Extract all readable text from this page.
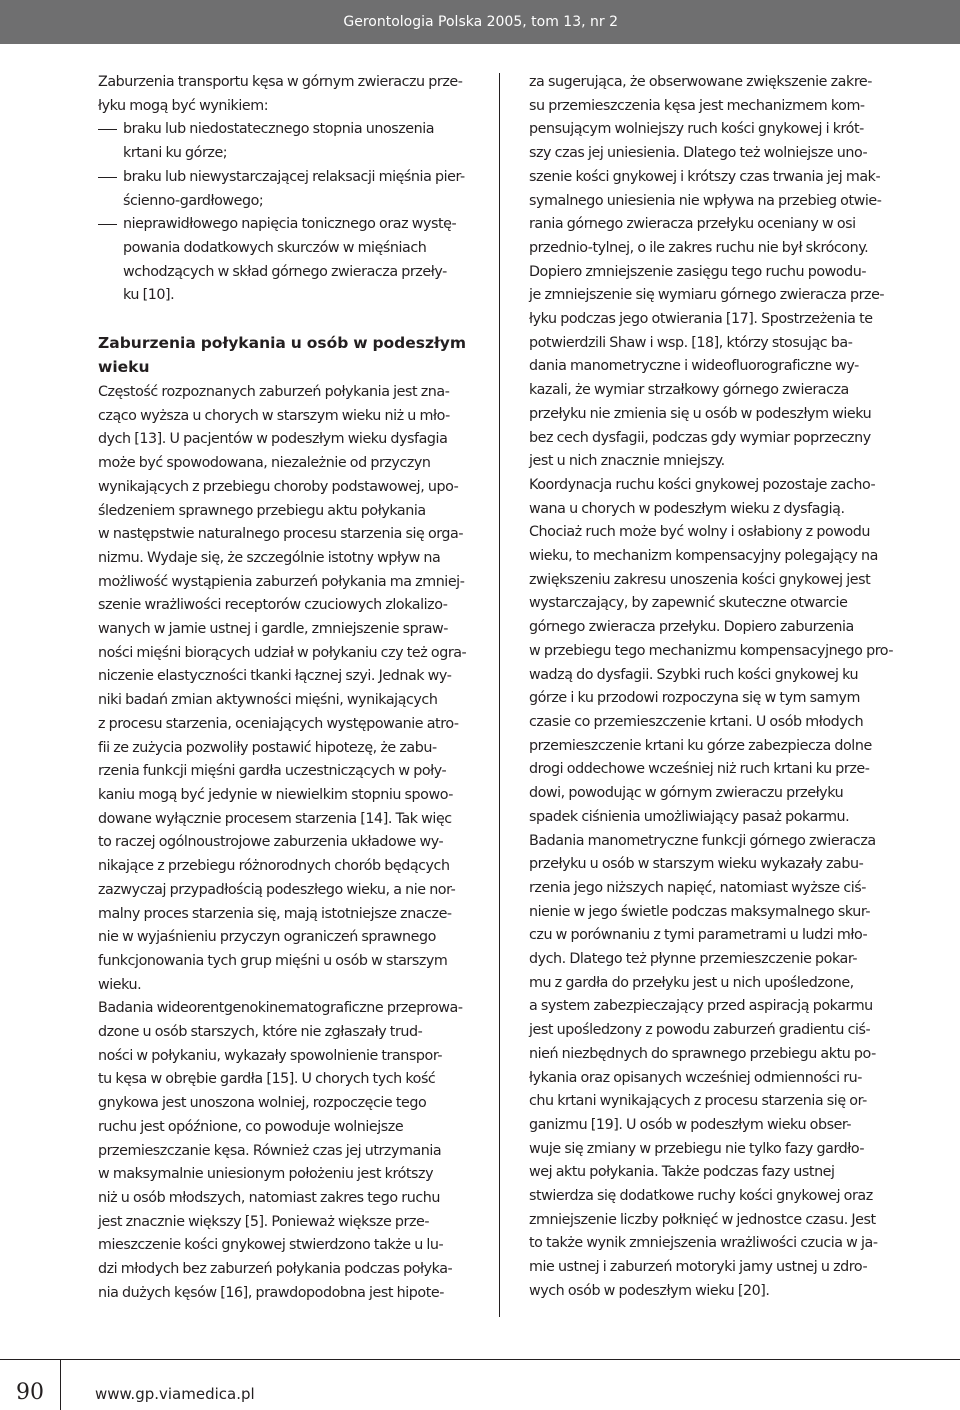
Gerontologia Polska 2005, tom 13, nr 2

Zaburzenia transportu kęsa w górnym zwieraczu prze-
łyku mogą być wynikiem:

braku lub niedostatecznego stopnia unoszenia
krtani ku górze;
braku lub niewystarczającej relaksacji mięśnia pier-
ścienno-gardłowego;
nieprawidłowego napięcia tonicznego oraz wystę-
powania dodatkowych skurczów w mięśniach
wchodzących w skład górnego zwieracza przeły-
ku [10].
Zaburzenia połykania u osób w podeszłym
wieku

Częstość rozpoznanych zaburzeń połykania jest zna-
cząco wyższa u chorych w starszym wieku niż u mło-
dych [13]. U pacjentów w podeszłym wieku dysfagia
może być spowodowana, niezależnie od przyczyn
wynikających z przebiegu choroby podstawowej, upo-
śledzeniem sprawnego przebiegu aktu połykania
w następstwie naturalnego procesu starzenia się orga-
nizmu. Wydaje się, że szczególnie istotny wpływ na
możliwość wystąpienia zaburzeń połykania ma zmniej-
szenie wrażliwości receptorów czuciowych zlokalizo-
wanych w jamie ustnej i gardle, zmniejszenie spraw-
ności mięśni biorących udział w połykaniu czy też ogra-
niczenie elastyczności tkanki łącznej szyi. Jednak wy-
niki badań zmian aktywności mięśni, wynikających
z procesu starzenia, oceniających występowanie atro-
fii ze zużycia pozwoliły postawić hipotezę, że zabu-
rzenia funkcji mięśni gardła uczestniczących w poły-
kaniu mogą być jedynie w niewielkim stopniu spowo-
dowane wyłącznie procesem starzenia [14]. Tak więc
to raczej ogólnoustrojowe zaburzenia układowe wy-
nikające z przebiegu różnorodnych chorób będących
zazwyczaj przypadłością podeszłego wieku, a nie nor-
malny proces starzenia się, mają istotniejsze znacze-
nie w wyjaśnieniu przyczyn ograniczeń sprawnego
funkcjonowania tych grup mięśni u osób w starszym
wieku.

Badania wideorentgenokinematograficzne przeprowa-
dzone u osób starszych, które nie zgłaszały trud-
ności w połykaniu, wykazały spowolnienie transpor-
tu kęsa w obrębie gardła [15]. U chorych tych kość
gnykowa jest unoszona wolniej, rozpoczęcie tego
ruchu jest opóźnione, co powoduje wolniejsze
przemieszczanie kęsa. Również czas jej utrzymania
w maksymalnie uniesionym położeniu jest krótszy
niż u osób młodszych, natomiast zakres tego ruchu
jest znacznie większy [5]. Ponieważ większe prze-
mieszczenie kości gnykowej stwierdzono także u lu-
dzi młodych bez zaburzeń połykania podczas połyka-
nia dużych kęsów [16], prawdopodobna jest hipote-

za sugerująca, że obserwowane zwiększenie zakre-
su przemieszczenia kęsa jest mechanizmem kom-
pensującym wolniejszy ruch kości gnykowej i krót-
szy czas jej uniesienia. Dlatego też wolniejsze uno-
szenie kości gnykowej i krótszy czas trwania jej mak-
symalnego uniesienia nie wpływa na przebieg otwie-
rania górnego zwieracza przełyku oceniany w osi
przednio-tylnej, o ile zakres ruchu nie był skrócony.
Dopiero zmniejszenie zasięgu tego ruchu powodu-
je zmniejszenie się wymiaru górnego zwieracza prze-
łyku podczas jego otwierania [17]. Spostrzeżenia te
potwierdzili Shaw i wsp. [18], którzy stosując ba-
dania manometryczne i wideofluorograficzne wy-
kazali, że wymiar strzałkowy górnego zwieracza
przełyku nie zmienia się u osób w podeszłym wieku
bez cech dysfagii, podczas gdy wymiar poprzeczny
jest u nich znacznie mniejszy.

Koordynacja ruchu kości gnykowej pozostaje zacho-
wana u chorych w podeszłym wieku z dysfagią.
Chociaż ruch może być wolny i osłabiony z powodu
wieku, to mechanizm kompensacyjny polegający na
zwiększeniu zakresu unoszenia kości gnykowej jest
wystarczający, by zapewnić skuteczne otwarcie
górnego zwieracza przełyku. Dopiero zaburzenia
w przebiegu tego mechanizmu kompensacyjnego pro-
wadzą do dysfagii. Szybki ruch kości gnykowej ku
górze i ku przodowi rozpoczyna się w tym samym
czasie co przemieszczenie krtani. U osób młodych
przemieszczenie krtani ku górze zabezpiecza dolne
drogi oddechowe wcześniej niż ruch krtani ku prze-
dowi, powodując w górnym zwieraczu przełyku
spadek ciśnienia umożliwiający pasaż pokarmu.
Badania manometryczne funkcji górnego zwieracza
przełyku u osób w starszym wieku wykazały zabu-
rzenia jego niższych napięć, natomiast wyższe ciś-
nienie w jego świetle podczas maksymalnego skur-
czu w porównaniu z tymi parametrami u ludzi mło-
dych. Dlatego też płynne przemieszczenie pokar-
mu z gardła do przełyku jest u nich upośledzone,
a system zabezpieczający przed aspiracją pokarmu
jest upośledzony z powodu zaburzeń gradientu ciś-
nień niezbędnych do sprawnego przebiegu aktu po-
łykania oraz opisanych wcześniej odmienności ru-
chu krtani wynikających z procesu starzenia się or-
ganizmu [19]. U osób w podeszłym wieku obser-
wuje się zmiany w przebiegu nie tylko fazy gardło-
wej aktu połykania. Także podczas fazy ustnej
stwierdza się dodatkowe ruchy kości gnykowej oraz
zmniejszenie liczby połknięć w jednostce czasu. Jest
to także wynik zmniejszenia wrażliwości czucia w ja-
mie ustnej i zaburzeń motoryki jamy ustnej u zdro-
wych osób w podeszłym wieku [20].

90	www.gp.viamedica.pl
